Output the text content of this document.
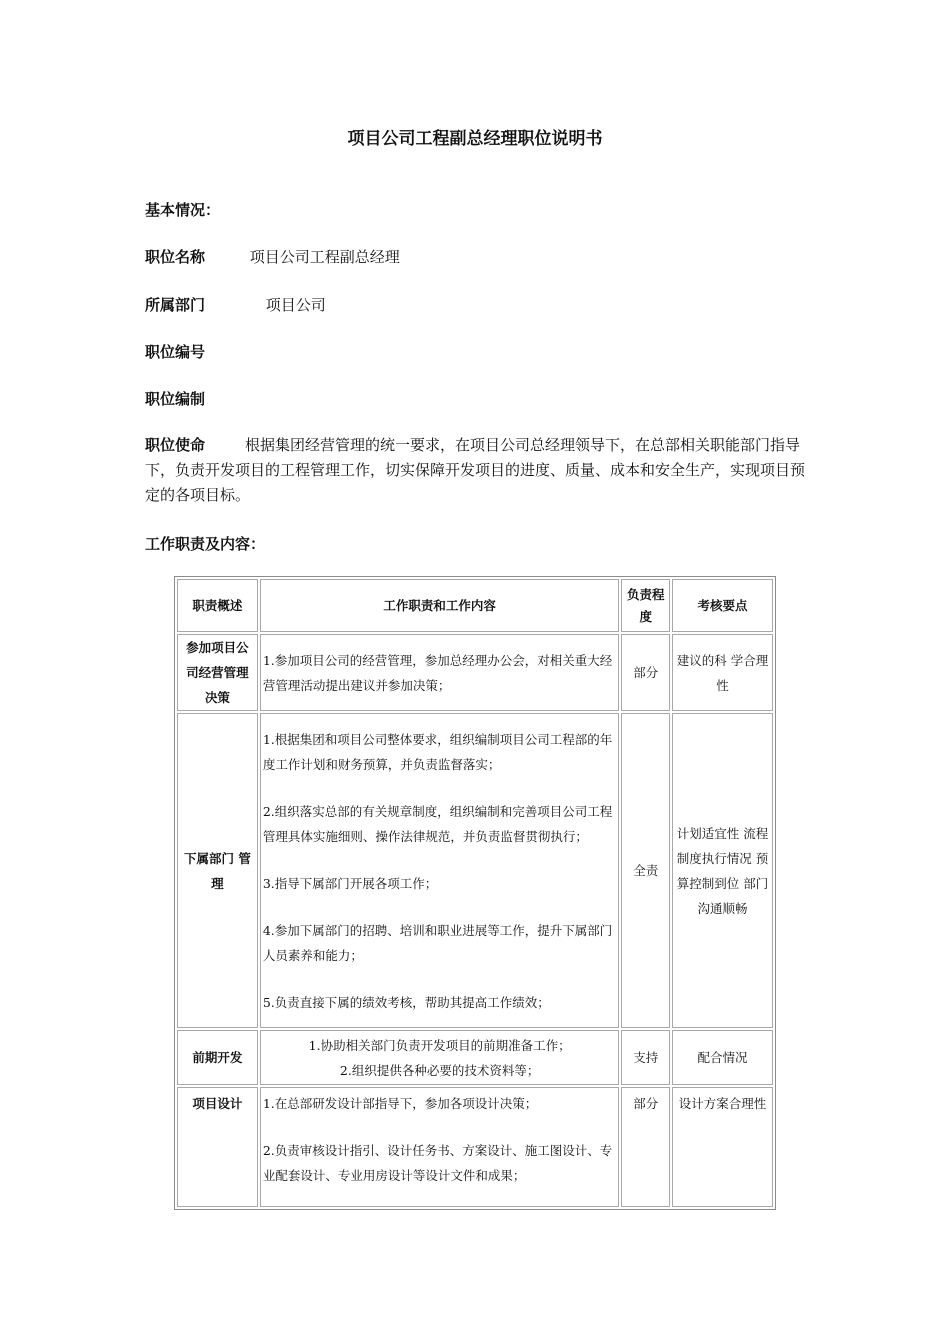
项目公司工程副总经理职位说明书
基本情况：
职位名称	项目公司工程副总经理
所属部门	项目公司
职位编号
职位编制
职位使命	根据集团经营管理的统一要求，在项目公司总经理领导下，在总部相关职能部门指导下，负责开发项目的工程管理工作，切实保障开发项目的进度、质量、成本和安全生产，实现项目预定的各项目标。
工作职责及内容：
职责概述	工作职责和工作内容	负责程度	考核要点
参加项目公司经营管理决策	1.参加项目公司的经营管理，参加总经理办公会，对相关重大经营管理活动提出建议并参加决策；	部分	建议的科 学合理性
下属部门 管理	1.根据集团和项目公司整体要求，组织编制项目公司工程部的年度工作计划和财务预算，并负责监督落实；
2.组织落实总部的有关规章制度，组织编制和完善项目公司工程管理具体实施细则、操作法律规范，并负责监督贯彻执行；
3.指导下属部门开展各项工作；
4.参加下属部门的招聘、培训和职业进展等工作，提升下属部门人员素养和能力；
5.负责直接下属的绩效考核，帮助其提高工作绩效；	全责	计划适宜性 流程制度执行情况 预算控制到位 部门沟通顺畅
前期开发	1.协助相关部门负责开发项目的前期准备工作；
2.组织提供各种必要的技术资料等；	支持	配合情况
项目设计	1.在总部研发设计部指导下，参加各项设计决策；
2.负责审核设计指引、设计任务书、方案设计、施工图设计、专业配套设计、专业用房设计等设计文件和成果；	部分	设计方案合理性
